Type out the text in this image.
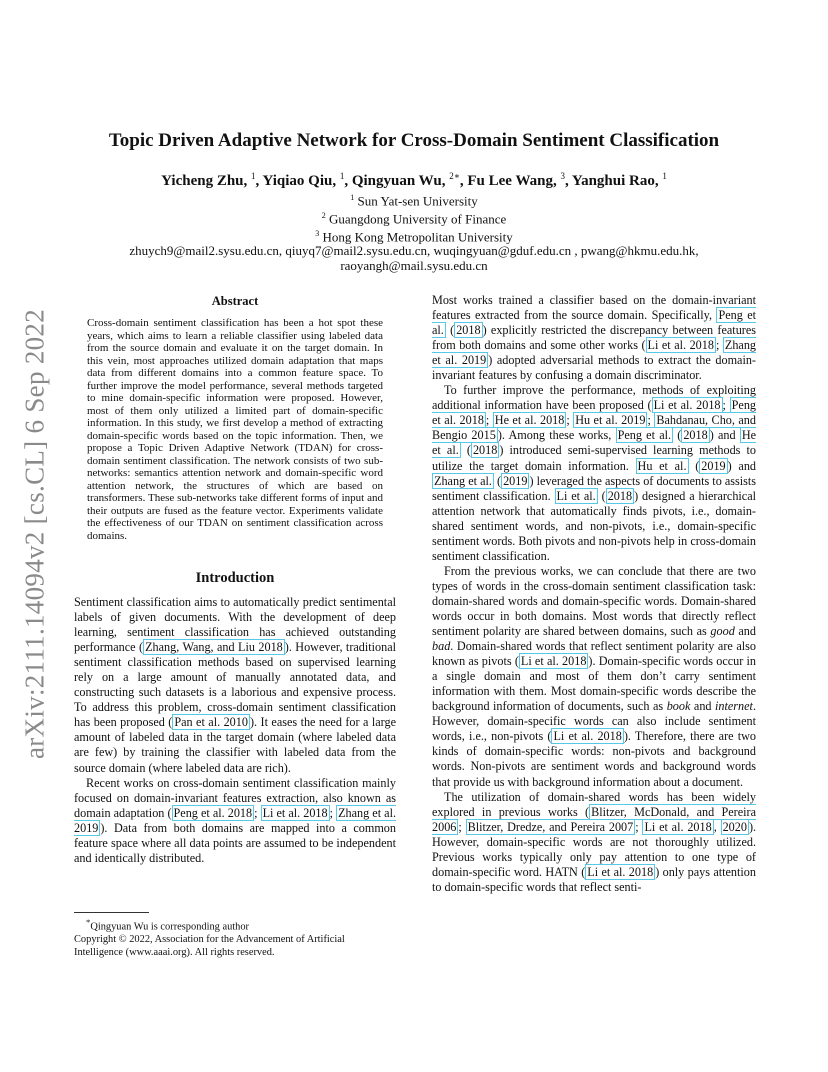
arXiv:2111.14094v2 [cs.CL] 6 Sep 2022
Topic Driven Adaptive Network for Cross-Domain Sentiment Classification
Yicheng Zhu, $^1$, Yiqiao Qiu, $^1$, Qingyuan Wu, $^{2∗}$, Fu Lee Wang, $^3$, Yanghui Rao, $^1$
$^1$ Sun Yat-sen University
$^2$ Guangdong University of Finance
$^3$ Hong Kong Metropolitan University
zhuych9@mail2.sysu.edu.cn, qiuyq7@mail2.sysu.edu.cn, wuqingyuan@gduf.edu.cn , pwang@hkmu.edu.hk,
raoyangh@mail.sysu.edu.cn
Abstract

Cross-domain sentiment classification has been a hot spot these years, which aims to learn a reliable classifier using labeled data from the source domain and evaluate it on the target domain. In this vein, most approaches utilized domain adaptation that maps data from different domains into a common feature space. To further improve the model performance, several methods targeted to mine domain-specific information were proposed. However, most of them only utilized a limited part of domain-specific information. In this study, we first develop a method of extracting domain-specific words based on the topic information. Then, we propose a Topic Driven Adaptive Network (TDAN) for cross-domain sentiment classification. The network consists of two sub-networks: semantics attention network and domain-specific word attention network, the structures of which are based on transformers. These sub-networks take different forms of input and their outputs are fused as the feature vector. Experiments validate the effectiveness of our TDAN on sentiment classification across domains.

Introduction

Sentiment classification aims to automatically predict sentimental labels of given documents. With the development of deep learning, sentiment classification has achieved outstanding performance ( Zhang, Wang, and Liu 2018 ). However, traditional sentiment classification methods based on supervised learning rely on a large amount of manually annotated data, and constructing such datasets is a laborious and expensive process. To address this problem, cross-domain sentiment classification has been proposed ( Pan et al. 2010 ). It eases the need for a large amount of labeled data in the target domain (where labeled data are few) by training the classifier with labeled data from the source domain (where labeled data are rich).

Recent works on cross-domain sentiment classification mainly focused on domain-invariant features extraction, also known as domain adaptation ( Peng et al. 2018 ; Li et al. 2018 ; Zhang et al. 2019 ). Data from both domains are mapped into a common feature space where all data points are assumed to be independent and identically distributed.

*Qingyuan Wu is corresponding author

Copyright © 2022, Association for the Advancement of Artificial Intelligence (www.aaai.org). All rights reserved.

Most works trained a classifier based on the domain-invariant features extracted from the source domain. Specifically, Peng et al. ( 2018 ) explicitly restricted the discrepancy between features from both domains and some other works ( Li et al. 2018 ; Zhang et al. 2019 ) adopted adversarial methods to extract the domain-invariant features by confusing a domain discriminator.

To further improve the performance, methods of exploiting additional information have been proposed ( Li et al. 2018 ; Peng et al. 2018 ; He et al. 2018 ; Hu et al. 2019 ; Bahdanau, Cho, and Bengio 2015 ). Among these works, Peng et al. ( 2018 ) and He et al. ( 2018 ) introduced semi-supervised learning methods to utilize the target domain information. Hu et al. ( 2019 ) and Zhang et al. ( 2019 ) leveraged the aspects of documents to assists sentiment classification. Li et al. ( 2018 ) designed a hierarchical attention network that automatically finds pivots, i.e., domain-shared sentiment words, and non-pivots, i.e., domain-specific sentiment words. Both pivots and non-pivots help in cross-domain sentiment classification.

From the previous works, we can conclude that there are two types of words in the cross-domain sentiment classification task: domain-shared words and domain-specific words. Domain-shared words occur in both domains. Most words that directly reflect sentiment polarity are shared between domains, such as good and bad. Domain-shared words that reflect sentiment polarity are also known as pivots ( Li et al. 2018 ). Domain-specific words occur in a single domain and most of them don’t carry sentiment information with them. Most domain-specific words describe the background information of documents, such as book and internet. However, domain-specific words can also include sentiment words, i.e., non-pivots ( Li et al. 2018 ). Therefore, there are two kinds of domain-specific words: non-pivots and background words. Non-pivots are sentiment words and background words that provide us with background information about a document.

The utilization of domain-shared words has been widely explored in previous works ( Blitzer, McDonald, and Pereira 2006 ; Blitzer, Dredze, and Pereira 2007 ; Li et al. 2018 , 2020 ). However, domain-specific words are not thoroughly utilized. Previous works typically only pay attention to one type of domain-specific word. HATN ( Li et al. 2018 ) only pays attention to domain-specific words that reflect senti-
